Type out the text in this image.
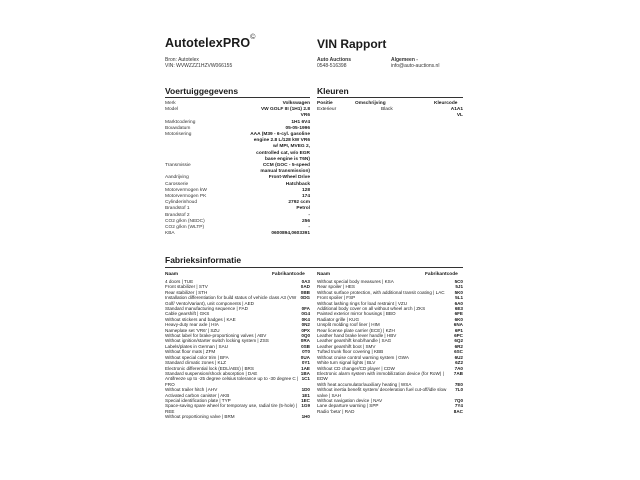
AutotelexPRO©	VIN Rapport
Bron: Autotelex
VIN: WVWZZZ1HZVW066155
Auto Auctions
0548-516398
Algemeen -
info@auto-auctions.nl
Voertuiggegevens	Kleuren
Merk	Volkswagen
Model	VW GOLF III (1H1) 2.8
VR6
Marktcodering	1H1 6V4
Bouwdatum	05-05-1996
Motorisering	AAA (M39 - 6-cyl. gasoline
engine 2.8 L/128 kW VR6
w/ MPI, MVEG 2,
controlled cat, w/o EGR
base engine is T6N)
Transmissie	CCM (GOC - 5-speed
manual transmission)
Aandrijving	Front-Wheel Drive
Carosserie	Hatchback
Motorvermogen kW	128
Motorvermogen PK	174
Cylinderinhoud	2792 ccm
Brandstof 1	Petrol
Brandstof 2	-
CO2 g/km (NEDC)	256
CO2 g/km (WLTP)	-
KBA	0600894,0603391
Positie	Omschrijving	Kleurcode
Exterieur	Black	A1A1
VL
Fabrieksinformatie
Naam	Fabrikantcode	Naam	Fabrikantcode
4 doors | TUE	0A3
Front stabilizer | STV	0AD
Rear stabilizer | STH	0BB
Installation differentiation for build status of vehicle class A3 (VW Golf/ Vento/Variant), unit components | AED
0DG
Standard manufacturing sequence | FAD	0FA
Cable gearshift | GKS	0G4
Without stickers and badges | KAE	0K4
Heavy-duty rear axle | HIA	0N2
Nameplate set 'VR6' | SZU	0PX
Without label for brake-proportioning valves | ABV	0Q0
Without ignition/starter switch locking system | ZSS	0RA
Labels/plates in German | SAU	0SB
Without floor mats | ZFM	0T0
Without special color trim | BFA	0UA
Standard climatic zones | KLZ	0Y1
Electronic differential lock (EDL/ABS) | BRS	1AE
Standard suspension/shock absorption | DAE	1BA
Antifreeze up to -25 degree celsius tolerance up to -30 degree C | FRO
1C1
Without trailer hitch | AHV	1D0
Activated carbon canister | AKB	1E1
Special identification plate | TYP	1EC
Space-saving spare wheel for temporary use, radial tire (5-hole) | REE
1G9
Without proportioning valve | BRM	1H0
Without special body measures | KSA	5C0
Rear spoiler | HES	5J1
Without surface protection, with additional transit coating | LAC	5K0
Front spoiler | FSP	5L1
Without lashing rings for load restraint | VZU	6A0
Additional body cover on all without wheel arch | ZKS	6E3
Painted exterior mirror housings | BBO	6FE
Radiator grille | KUG	6K0
Unsplit molding roof liner | HIM	6NA
Rear license plate carrier (ECE) | KZH	6P1
Leather hand brake lever handle | HBV	6PC
Leather gearshift knob/handle | SAG	6Q2
Leather gearshift boot | SMV	6R2
Tufted trunk floor covering | KBB	6SC
Without cruise control warning system | GWA	6U2
White turn signal lights | BLV	6Z2
Without CD changer/CD player | CDW	7A0
Electronic alarm system with immobilization device (for RoW) | EDW
7AB
With heat accumulator/auxiliary heating | WSA	7E0
Without inertia benefit system/ deceleration fuel cut-off/idle slow valve | SAH
7L0
Without navigation device | NAV	7Q0
Lane departure warning | SPP	7Y4
Radio 'beta' | RAD	8AC
